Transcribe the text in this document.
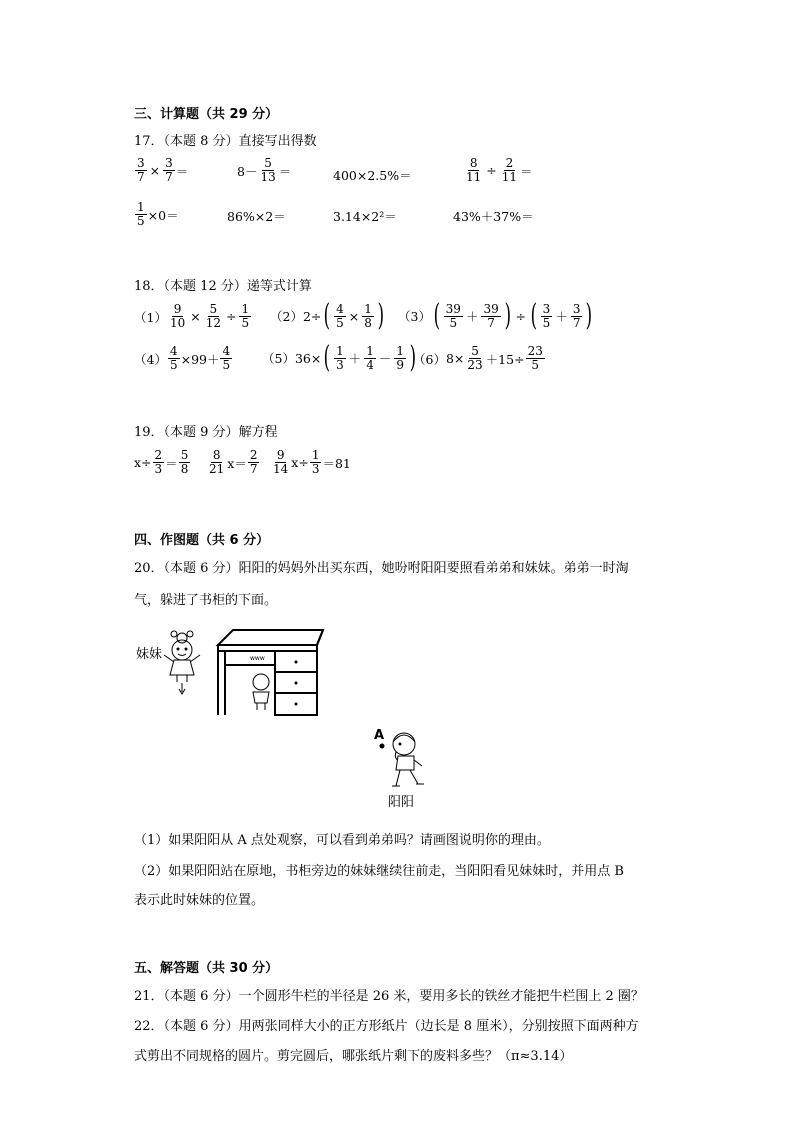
三、计算题（共 29 分）
17．（本题 8 分）直接写出得数
$\frac{3}{7} \times \frac{3}{7}$ ＝	$8- \frac{5}{13}$ ＝	400×2.5%＝	$\frac{8}{11} \div \frac{2}{11}$ ＝
$\frac{1}{5} \times 0=$	86%×2＝	3.14×2²＝	43%＋37%＝
18．（本题 12 分）递等式计算
$(1) \frac{9}{10} \times \frac{5}{12} \div \frac{1}{5} (2)$ 2÷ ( $\frac{4}{5} \times \frac{1}{8}$ ) （3） ( $\frac{39}{5} + \frac{39}{7}$ ) ÷ ( $\frac{3}{5} + \frac{3}{7}$ )
$(4) \frac{4}{5} \times 99+ \frac{4}{5} (5)$ 36× ( $\frac{1}{3} + \frac{1}{4} - \frac{1}{9}$ )
（6） $8\times \frac{5}{23} +15\div \frac{23}{5}$
19．（本题 9 分）解方程
$x\div \frac{2}{3} = \frac{5}{8} \frac{8}{21} x= \frac{2}{7} \frac{9}{14} x\div \frac{1}{3} =81$
四、作图题（共 6 分）
20．（本题 6 分）阳阳的妈妈外出买东西，她吩咐阳阳要照看弟弟和妹妹。弟弟一时淘
气，躲进了书柜的下面。
妹妹	www
A
阳阳
（1）如果阳阳从 A 点处观察，可以看到弟弟吗？请画图说明你的理由。
（2）如果阳阳站在原地，书柜旁边的妹妹继续往前走，当阳阳看见妹妹时，并用点 B
表示此时妹妹的位置。
五、解答题（共 30 分）
21．（本题 6 分）一个圆形牛栏的半径是 26 米，要用多长的铁丝才能把牛栏围上 2 圈？
22．（本题 6 分）用两张同样大小的正方形纸片（边长是 8 厘米），分别按照下面两种方
式剪出不同规格的圆片。剪完圆后，哪张纸片剩下的废料多些？（π≈3.14）
